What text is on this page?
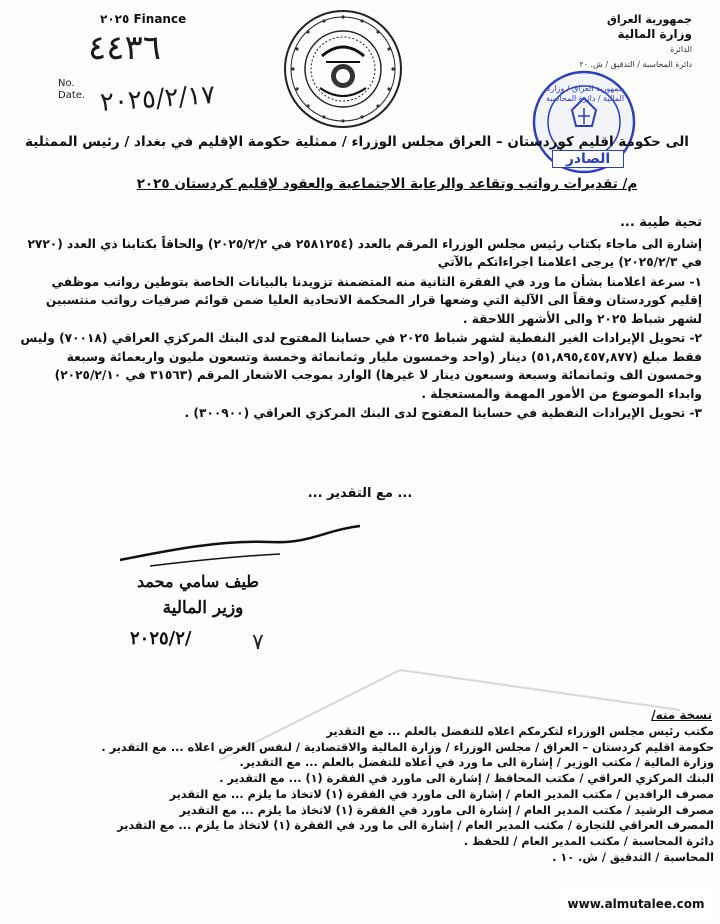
جمهورية العراق
وزارة المالية
الدائرة
دائرة المحاسبة / التدقيق / ش. ٢٠
٢٠٢٥ Finance
٤٤٣٦
No.
Date. ٢٠٢٥/٢/١٧	جمهورية العراق / وزارة المالية / دائرة المحاسبة
الصادر
الى حكومة اقليم كوردستان – العراق مجلس الوزراء / ممثلية حكومة الإقليم في بغداد / رئيس الممثلية
م/ تقديرات رواتب وتقاعد والرعاية الاجتماعية والعقود لإقليم كردستان ٢٠٢٥

تحية طيبة ...

إشارة الى ماجاء بكتاب رئيس مجلس الوزراء المرقم بالعدد (٢٥٨١٢٥٤ في ٢٠٢٥/٢/٢) والحاقاً بكتابنا ذي العدد (٢٧٢٠ في ٢٠٢٥/٢/٣) يرجى اعلامنا اجراءاتكم بالآتي

١- سرعة اعلامنا بشأن ما ورد في الفقرة الثانية منه المتضمنة تزويدنا بالبيانات الخاصة بتوطين رواتب موظفي إقليم كوردستان وفقاً الى الآلية التي وضعها قرار المحكمة الاتحادية العليا ضمن قوائم صرفيات رواتب منتسبين لشهر شباط ٢٠٢٥ والى الأشهر اللاحقة .

٢- تحويل الإيرادات الغير النفطية لشهر شباط ٢٠٢٥ في حسابنا المفتوح لدى البنك المركزي العراقي (٧٠٠١٨) وليس فقط مبلغ (٥١,٨٩٥,٤٥٧,٨٧٧) دينار (واحد وخمسون مليار وثمانمائة وخمسة وتسعون مليون واربعمائة وسبعة وخمسون الف وثمانمائة وسبعة وسبعون دينار لا غيرها) الوارد بموجب الاشعار المرقم (٣١٥٦٣ في ٢٠٢٥/٢/١٠) وابداء الموضوع من الأمور المهمة والمستعجلة .

٣- تحويل الإيرادات النفطية في حسابنا المفتوح لدى البنك المركزي العراقي (٣٠٠٩٠٠) .

... مع التقدير ...
طيف سامي محمد
وزير المالية
٢٠٢٥/٢/	٧
نسخة منه/
مكتب رئيس مجلس الوزراء لتكرمكم اعلاه للتفضل بالعلم ... مع التقدير
حكومة اقليم كردستان – العراق / مجلس الوزراء / وزارة المالية والاقتصادية / لنفس الغرض اعلاه ... مع التقدير .
وزارة المالية / مكتب الوزير / إشارة الى ما ورد في أعلاه للتفضل بالعلم ... مع التقدير.
البنك المركزي العراقي / مكتب المحافظ / إشارة الى ماورد في الفقرة (١) ... مع التقدير .
مصرف الرافدين / مكتب المدير العام / إشارة الى ماورد في الفقرة (١) لاتخاذ ما يلزم ... مع التقدير
مصرف الرشيد / مكتب المدير العام / إشارة الى ماورد في الفقرة (١) لاتخاذ ما يلزم ... مع التقدير
المصرف العراقي للتجارة / مكتب المدير العام / إشارة الى ما ورد في الفقرة (١) لاتخاذ ما يلزم ... مع التقدير
دائرة المحاسبة / مكتب المدير العام / للحفظ .
المحاسبة / التدقيق / ش. ١٠ .
www.almutalee.com
